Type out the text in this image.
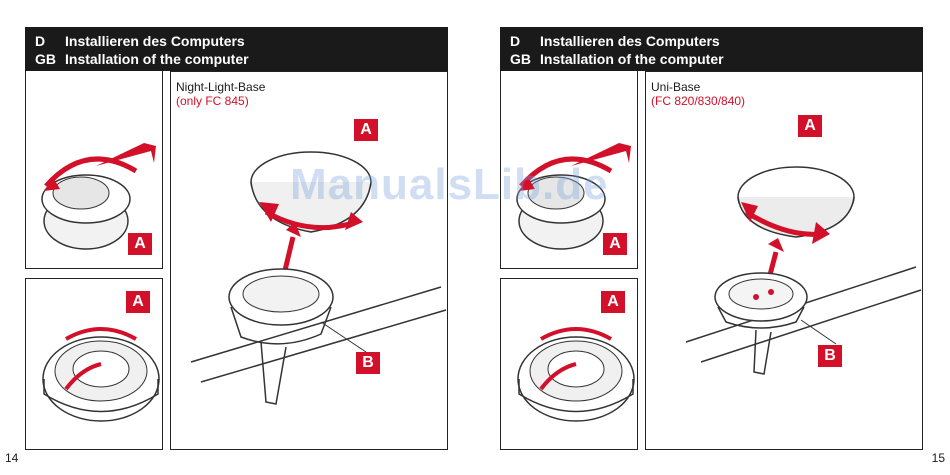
D	Installieren des Computers
GB Installation of the computer
A
A
Night-Light-Base
(only FC 845)
A
B
14
D	Installieren des Computers
GB Installation of the computer
A
A
Uni-Base
(FC 820/830/840)
A
B
15
ManualsLib.de
